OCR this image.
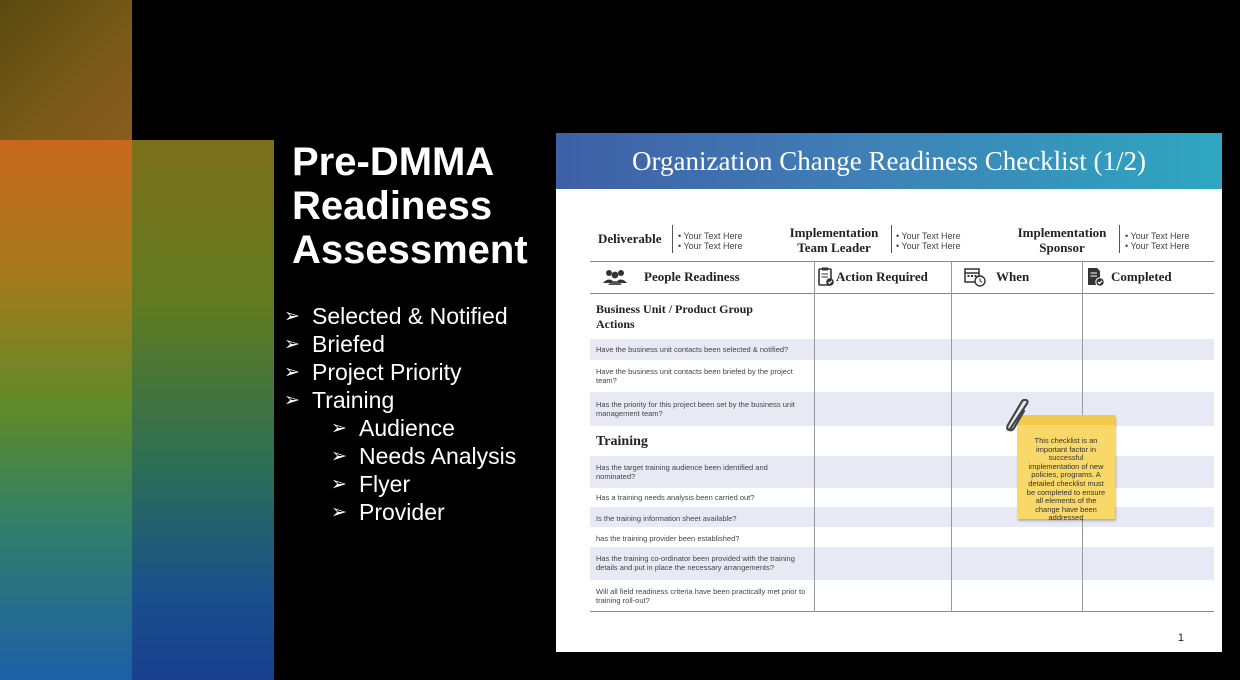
Pre-DMMA
Readiness
Assessment
➢ Selected & Notified
➢ Briefed
➢ Project Priority
➢ Training
➢ Audience
➢ Needs Analysis
➢ Flyer
➢ Provider
Organization Change Readiness Checklist (1/2)
Deliverable
•	Your Text Here
• Your Text Here
Implementation
Team Leader
• Your Text Here
• Your Text Here
Implementation
Sponsor
• Your Text Here
• Your Text Here
People Readiness	Action Required	When	Completed
Business Unit / Product Group
Actions
Have the business unit contacts been selected & notified?
Have the business unit contacts been briefed by the project team?
Has the priority for this project been set by the business unit management team?
Training
Has the target training audience been identified and nominated?
Has a training needs analysis been carried out?
Is the training information sheet available?
has the training provider been established?
Has the training co-ordinator been provided with the training details and put in place the necessary arrangements?
Will all field readiness criteria have been practically met prior to training roll-out?
This checklist is an important factor in successful implementation of new policies, programs. A detailed checklist must be completed to ensure all elements of the change have been addressed
1
